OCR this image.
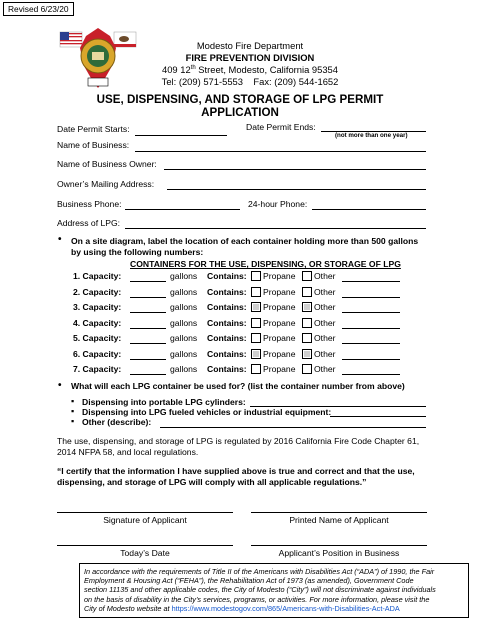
Revised 6/23/20
Modesto Fire Department
FIRE PREVENTION DIVISION
409 12th Street, Modesto, California 95354
Tel: (209) 571-5553 Fax: (209) 544-1652
USE, DISPENSING, AND STORAGE OF LPG PERMIT
APPLICATION
Date Permit Starts:	Date Permit Ends:
(not more than one year)
Name of Business:
Name of Business Owner:
Owner’s Mailing Address:
Business Phone:	24-hour Phone:
Address of LPG:
• On a site diagram, label the location of each container holding more than 500 gallons
by using the following numbers:
CONTAINERS FOR THE USE, DISPENSING, OR STORAGE OF LPG
1. Capacity:	gallons Contains: Propane Other
2. Capacity:	gallons Contains: Propane Other
3. Capacity:	gallons Contains: Propane Other
4. Capacity:	gallons Contains: Propane Other
5. Capacity:	gallons Contains: Propane Other
6. Capacity:	gallons Contains: Propane Other
7. Capacity:	gallons Contains: Propane Other
• What will each LPG container be used for? (list the container number from above)
▪ Dispensing into portable LPG cylinders:
▪ Dispensing into LPG fueled vehicles or industrial equipment:
▪ Other (describe):
The use, dispensing, and storage of LPG is regulated by 2016 California Fire Code Chapter 61,
2014 NFPA 58, and local regulations.
“I certify that the information I have supplied above is true and correct and that the use,
dispensing, and storage of LPG will comply with all applicable regulations.”
Signature of Applicant	Printed Name of Applicant
Today’s Date	Applicant’s Position in Business
In accordance with the requirements of Title II of the Americans with Disabilities Act (“ADA”) of 1990, the Fair
Employment & Housing Act (“FEHA”), the Rehabilitation Act of 1973 (as amended), Government Code
section 11135 and other applicable codes, the City of Modesto (“City”) will not discriminate against individuals
on the basis of disability in the City’s services, programs, or activities. For more information, please visit the
City of Modesto website at https://www.modestogov.com/865/Americans-with-Disabilities-Act-ADA
